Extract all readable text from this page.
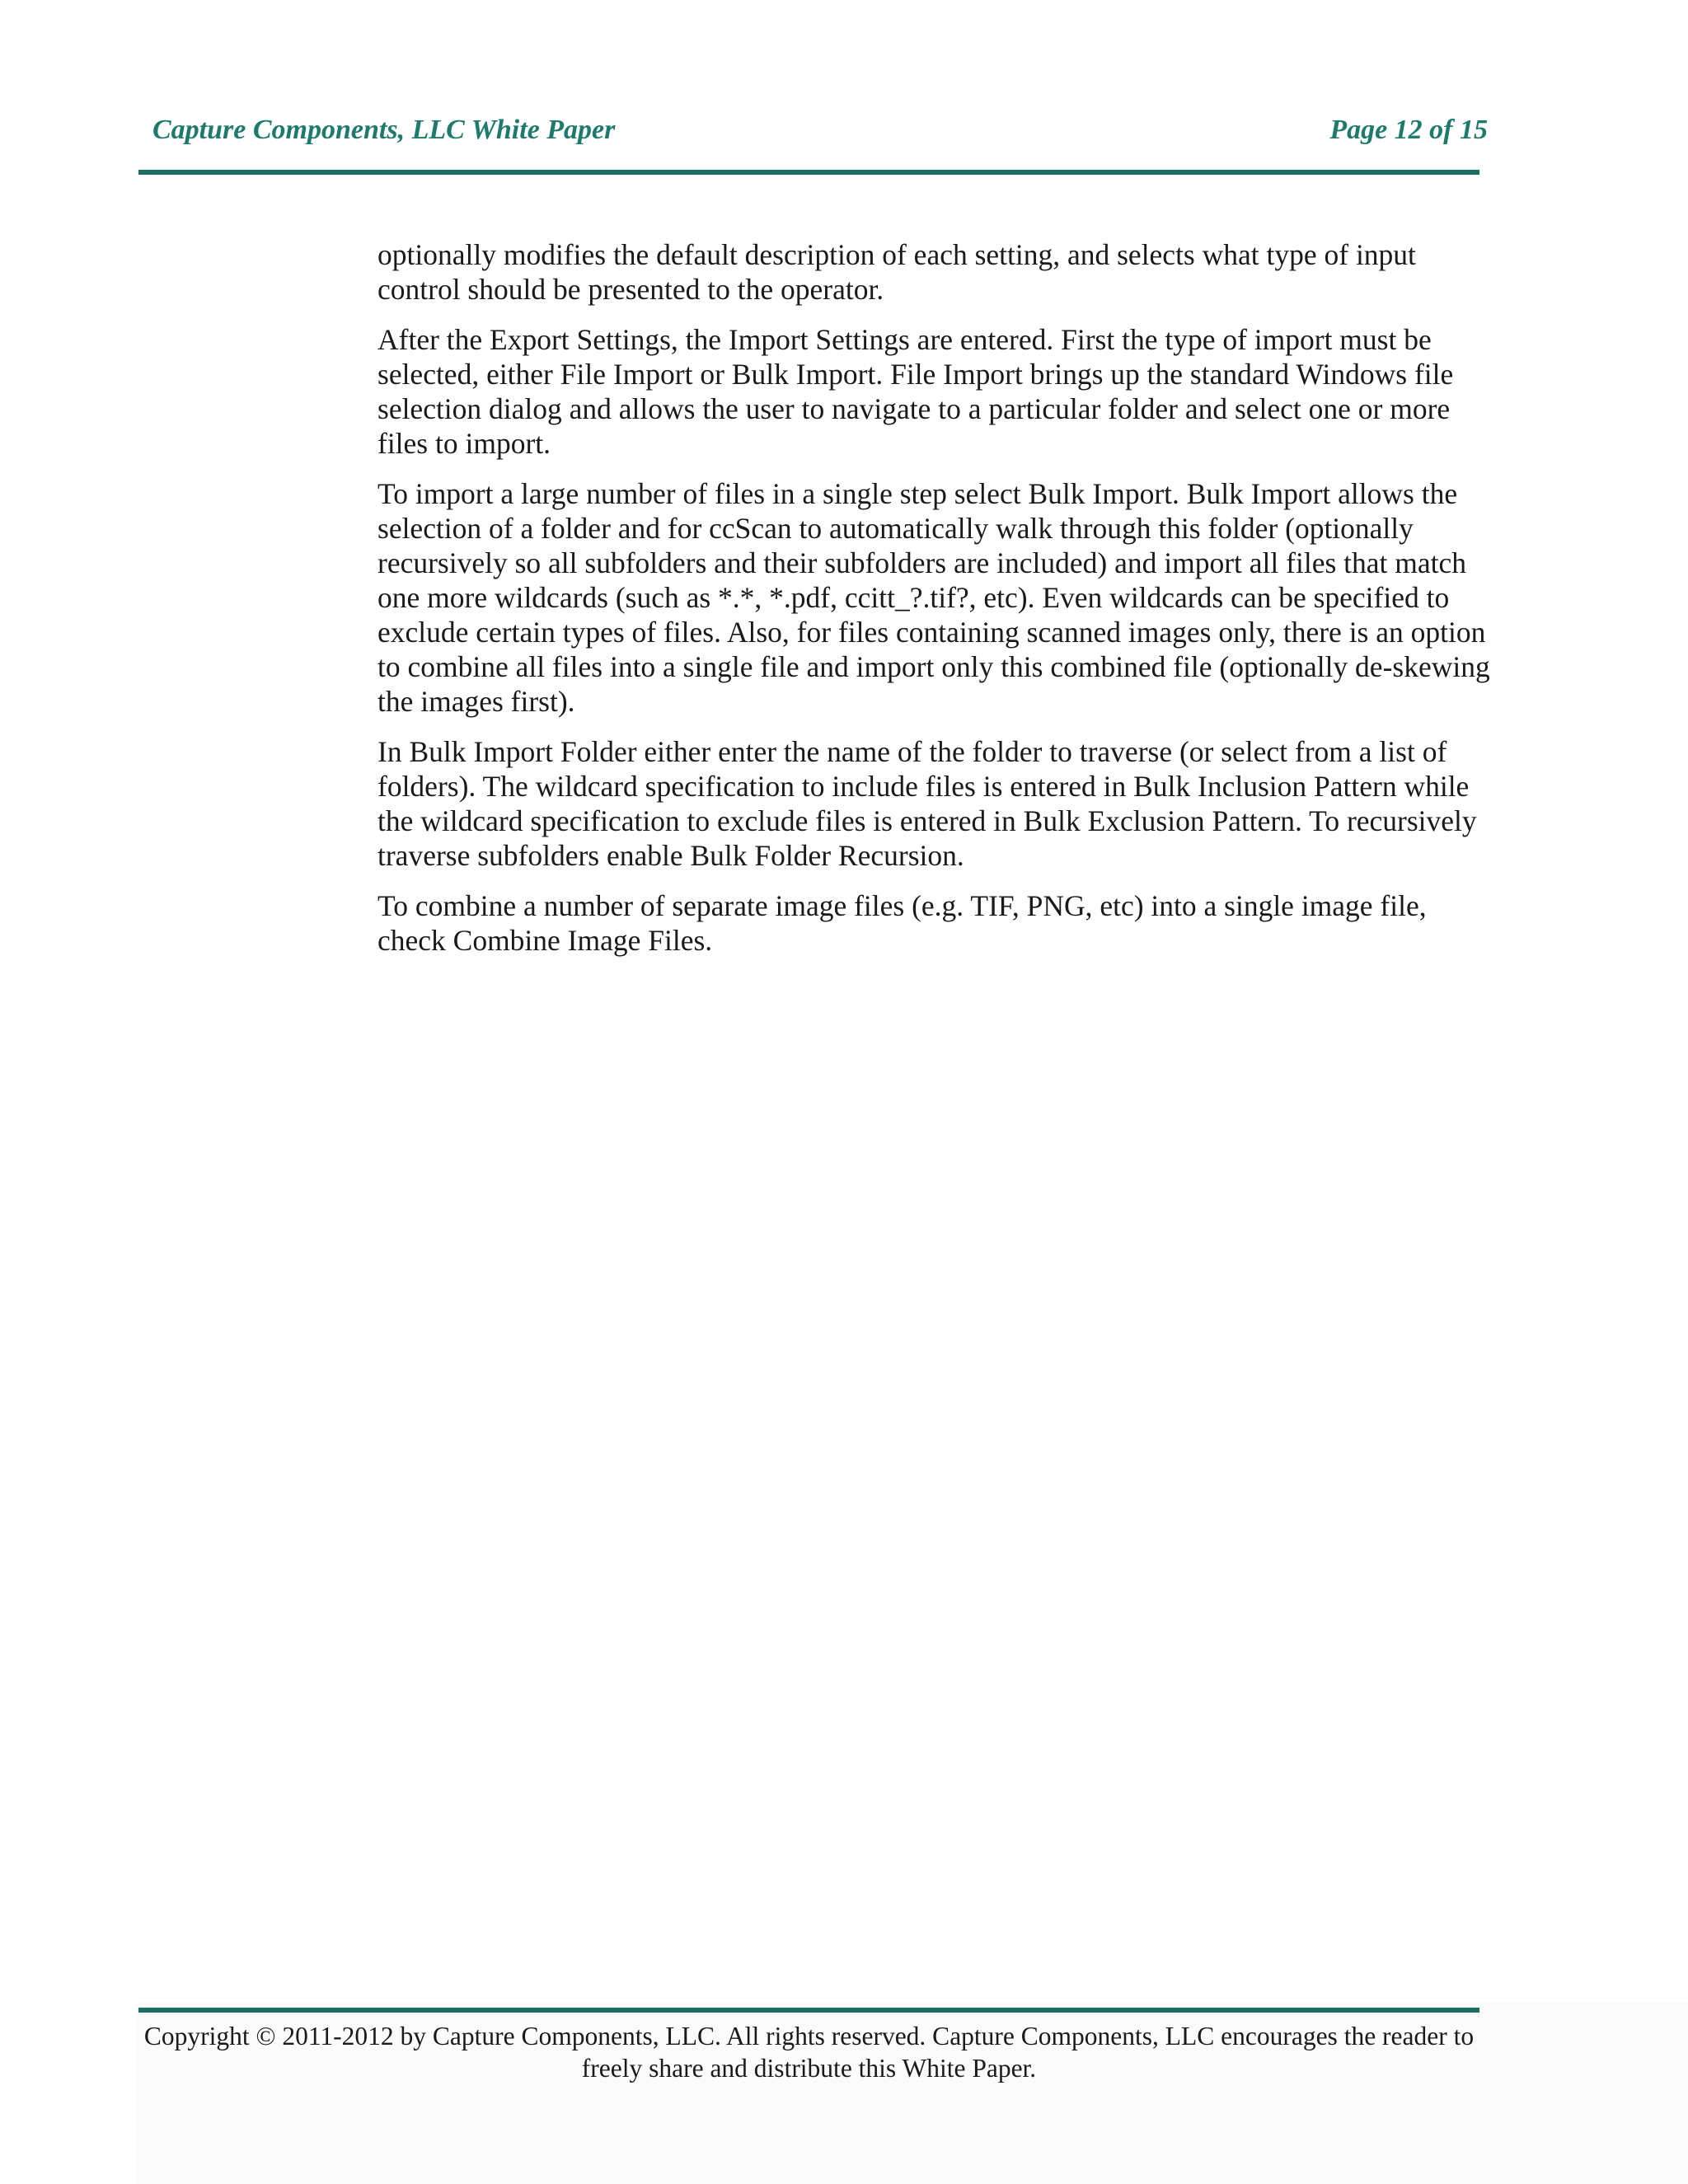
Capture Components, LLC White Paper	Page 12 of 15

optionally modifies the default description of each setting, and selects what type of input control should be presented to the operator.

After the Export Settings, the Import Settings are entered. First the type of import must be selected, either File Import or Bulk Import. File Import brings up the standard Windows file selection dialog and allows the user to navigate to a particular folder and select one or more files to import.

To import a large number of files in a single step select Bulk Import. Bulk Import allows the selection of a folder and for ccScan to automatically walk through this folder (optionally recursively so all subfolders and their subfolders are included) and import all files that match one more wildcards (such as *.*, *.pdf, ccitt_?.tif?, etc). Even wildcards can be specified to exclude certain types of files. Also, for files containing scanned images only, there is an option to combine all files into a single file and import only this combined file (optionally de-skewing the images first).

In Bulk Import Folder either enter the name of the folder to traverse (or select from a list of folders). The wildcard specification to include files is entered in Bulk Inclusion Pattern while the wildcard specification to exclude files is entered in Bulk Exclusion Pattern. To recursively traverse subfolders enable Bulk Folder Recursion.

To combine a number of separate image files (e.g. TIF, PNG, etc) into a single image file, check Combine Image Files.

Copyright © 2011-2012 by Capture Components, LLC. All rights reserved. Capture Components, LLC encourages the reader to freely share and distribute this White Paper.
